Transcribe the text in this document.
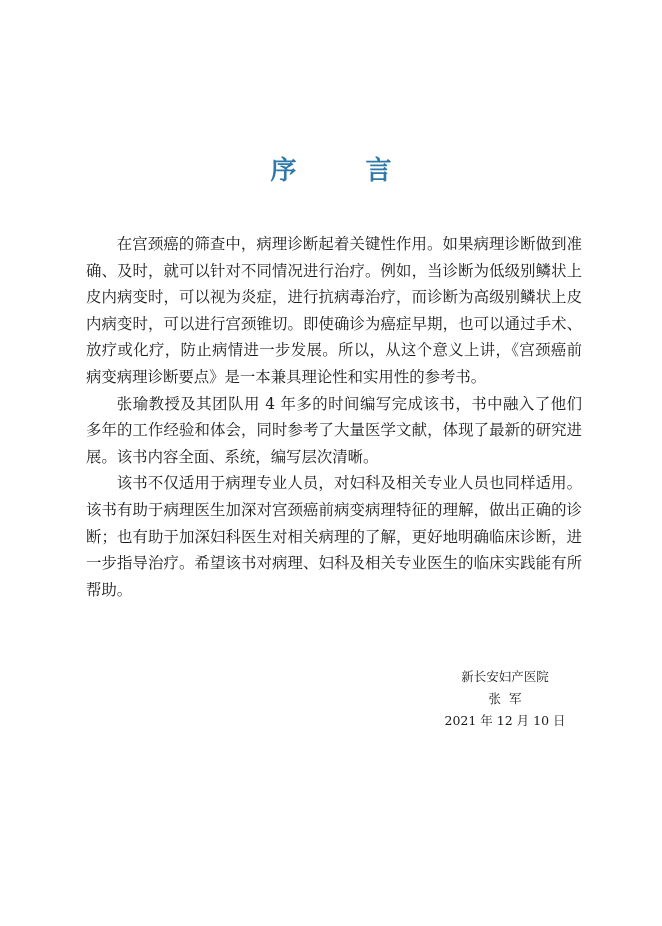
序 言

在宫颈癌的筛查中，病理诊断起着关键性作用。如果病理诊断做到准确、及时，就可以针对不同情况进行治疗。例如，当诊断为低级别鳞状上皮内病变时，可以视为炎症，进行抗病毒治疗，而诊断为高级别鳞状上皮内病变时，可以进行宫颈锥切。即使确诊为癌症早期，也可以通过手术、放疗或化疗，防止病情进一步发展。所以，从这个意义上讲，《宫颈癌前病变病理诊断要点》是一本兼具理论性和实用性的参考书。

张瑜教授及其团队用 4 年多的时间编写完成该书，书中融入了他们多年的工作经验和体会，同时参考了大量医学文献，体现了最新的研究进展。该书内容全面、系统，编写层次清晰。

该书不仅适用于病理专业人员，对妇科及相关专业人员也同样适用。该书有助于病理医生加深对宫颈癌前病变病理特征的理解，做出正确的诊断；也有助于加深妇科医生对相关病理的了解，更好地明确临床诊断，进一步指导治疗。希望该书对病理、妇科及相关专业医生的临床实践能有所帮助。

新长安妇产医院
张  军
2021 年 12 月 10 日
